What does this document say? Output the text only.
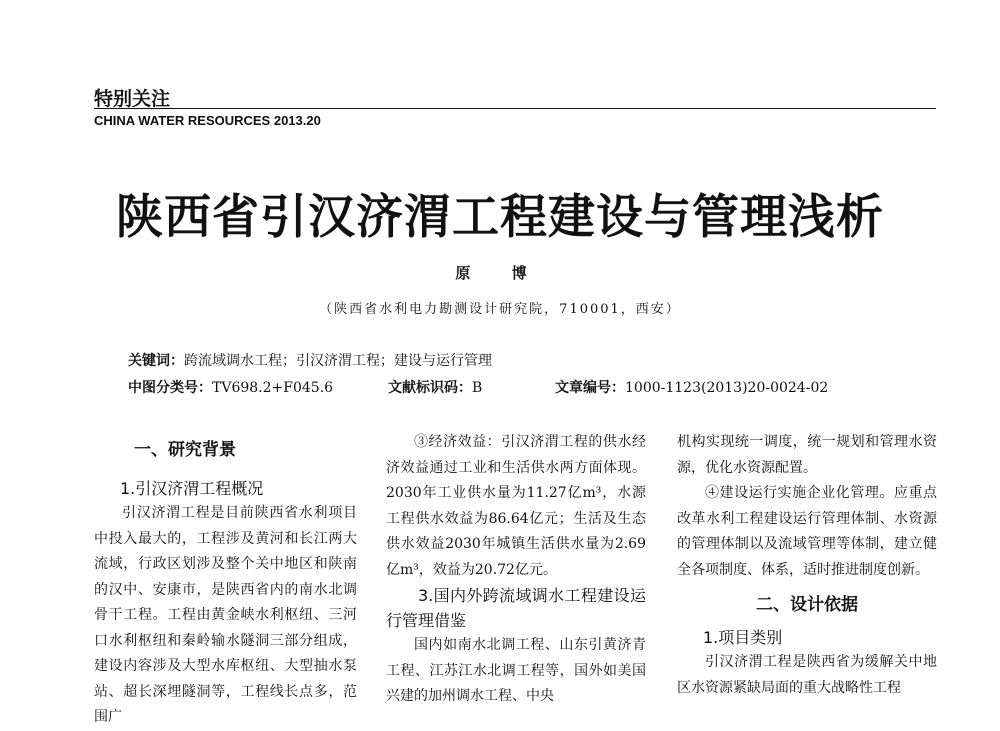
特别关注
CHINA WATER RESOURCES 2013.20
陕西省引汉济渭工程建设与管理浅析
原 博
（陕西省水利电力勘测设计研究院，710001，西安）
关键词：跨流域调水工程；引汉济渭工程；建设与运行管理
中图分类号：TV698.2+F045.6	文献标识码：B	文章编号：1000-1123(2013)20-0024-02
一、研究背景
1.引汉济渭工程概况

引汉济渭工程是目前陕西省水利项目中投入最大的，工程涉及黄河和长江两大流域，行政区划涉及整个关中地区和陕南的汉中、安康市，是陕西省内的南水北调骨干工程。工程由黄金峡水利枢纽、三河口水利枢纽和秦岭输水隧洞三部分组成，建设内容涉及大型水库枢纽、大型抽水泵站、超长深埋隧洞等，工程线长点多，范围广

③经济效益：引汉济渭工程的供水经济效益通过工业和生活供水两方面体现。2030年工业供水量为11.27亿m³，水源工程供水效益为86.64亿元；生活及生态供水效益2030年城镇生活供水量为2.69亿m³，效益为20.72亿元。

3.国内外跨流域调水工程建设运行管理借鉴

国内如南水北调工程、山东引黄济青工程、江苏江水北调工程等，国外如美国兴建的加州调水工程、中央

机构实现统一调度，统一规划和管理水资源，优化水资源配置。

④建设运行实施企业化管理。应重点改革水利工程建设运行管理体制、水资源的管理体制以及流域管理等体制，建立健全各项制度、体系，适时推进制度创新。

二、设计依据
1.项目类别

引汉济渭工程是陕西省为缓解关中地区水资源紧缺局面的重大战略性工程
